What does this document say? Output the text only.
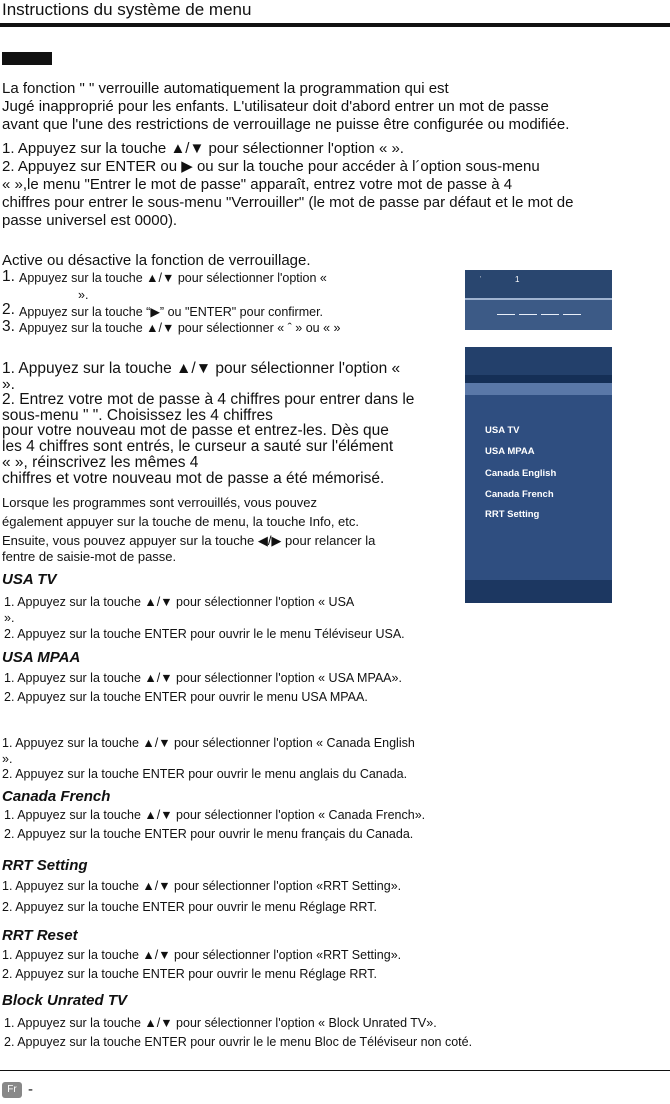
Instructions du système de menu
La fonction " " verrouille automatiquement la programmation qui est
Jugé inapproprié pour les enfants. L'utilisateur doit d'abord entrer un mot de passe
avant que l'une des restrictions de verrouillage ne puisse être configurée ou modifiée.
1. Appuyez sur la touche ▲/▼ pour sélectionner l'option « ».
2. Appuyez sur ENTER ou ▶ ou sur la touche pour accéder à l´option sous-menu
« »,le menu "Entrer le mot de passe" apparaît, entrez votre mot de passe à 4
chiffres pour entrer le sous-menu "Verrouiller" (le mot de passe par défaut et le mot de
passe universel est 0000).
Active ou désactive la fonction de verrouillage.
1. Appuyez sur la touche ▲/▼ pour sélectionner l'option «
».
2. Appuyez sur la touche “▶” ou "ENTER" pour confirmer.
3. Appuyez sur la touche ▲/▼ pour sélectionner « ˆ » ou « »
ˈ	1
1. Appuyez sur la touche ▲/▼ pour sélectionner l'option «
».
2. Entrez votre mot de passe à 4 chiffres pour entrer dans le
sous-menu " ". Choisissez les 4 chiffres
pour votre nouveau mot de passe et entrez-les. Dès que
les 4 chiffres sont entrés, le curseur a sauté sur l'élément
« », réinscrivez les mêmes 4
chiffres et votre nouveau mot de passe a été mémorisé.
USA TV
USA MPAA
Canada English
Canada French
RRT Setting
Lorsque les programmes sont verrouillés, vous pouvez
également appuyer sur la touche de menu, la touche Info, etc.
Ensuite, vous pouvez appuyer sur la touche ◀/▶ pour relancer la
fentre de saisie-mot de passe.
USA TV
1. Appuyez sur la touche ▲/▼ pour sélectionner l'option « USA
».
2. Appuyez sur la touche ENTER pour ouvrir le le menu Téléviseur USA.
USA MPAA
1. Appuyez sur la touche ▲/▼ pour sélectionner l'option « USA MPAA».
2. Appuyez sur la touche ENTER pour ouvrir le menu USA MPAA.
1. Appuyez sur la touche ▲/▼ pour sélectionner l'option « Canada English
».
2. Appuyez sur la touche ENTER pour ouvrir le menu anglais du Canada.
Canada French
1. Appuyez sur la touche ▲/▼ pour sélectionner l'option « Canada French».
2. Appuyez sur la touche ENTER pour ouvrir le menu français du Canada.
RRT Setting
1. Appuyez sur la touche ▲/▼ pour sélectionner l'option «RRT Setting».
2. Appuyez sur la touche ENTER pour ouvrir le menu Réglage RRT.
RRT Reset
1. Appuyez sur la touche ▲/▼ pour sélectionner l'option «RRT Setting».
2. Appuyez sur la touche ENTER pour ouvrir le menu Réglage RRT.
Block Unrated TV
1. Appuyez sur la touche ▲/▼ pour sélectionner l'option « Block Unrated TV».
2. Appuyez sur la touche ENTER pour ouvrir le le menu Bloc de Téléviseur non coté.
Fr -
